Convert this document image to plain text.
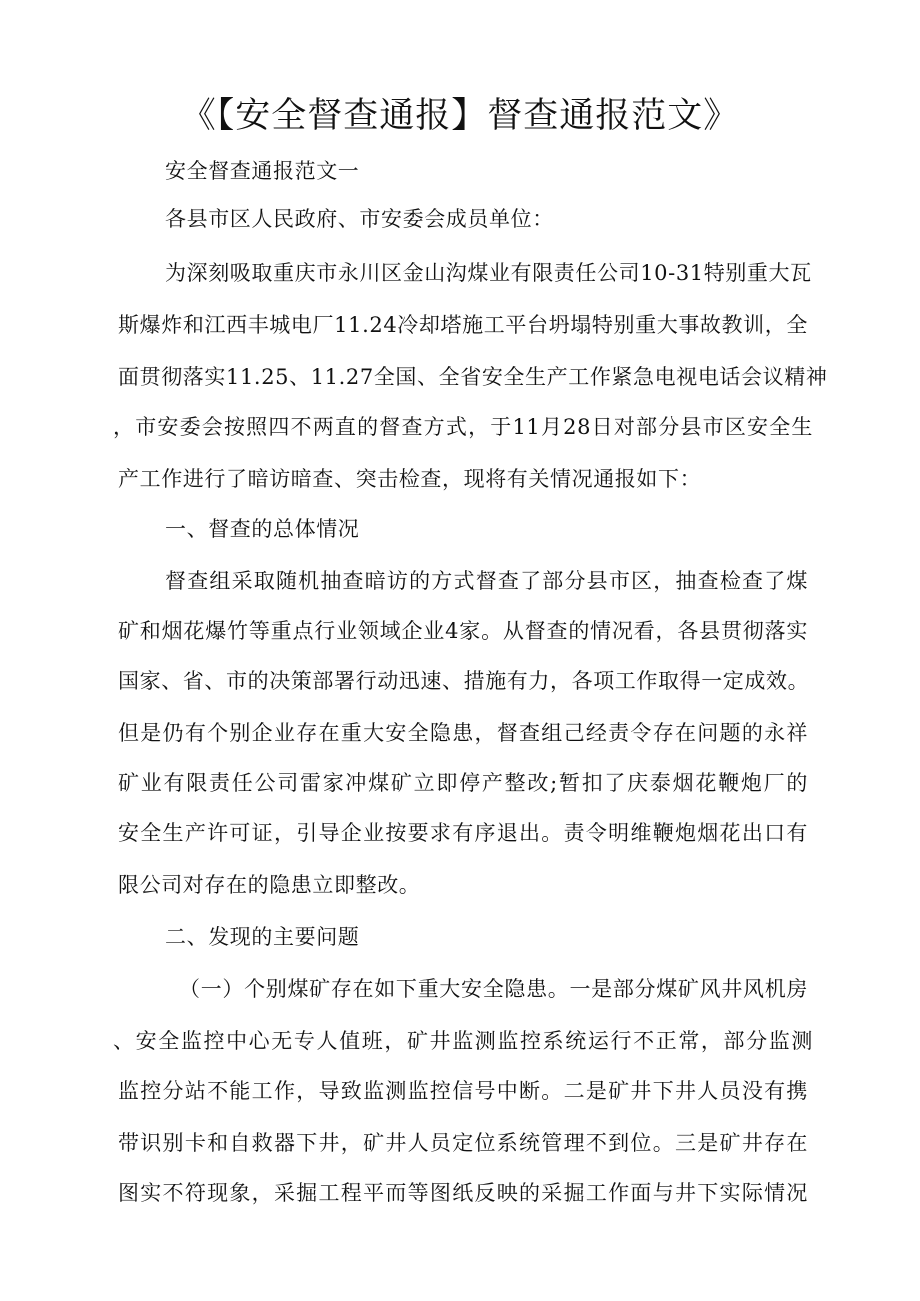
《【安全督查通报】督查通报范文》
安全督查通报范文一
各县市区人民政府、市安委会成员单位：
为深刻吸取重庆市永川区金山沟煤业有限责任公司10-31特别重大瓦
斯爆炸和江西丰城电厂11.24冷却塔施工平台坍塌特别重大事故教训，全
面贯彻落实11.25、11.27全国、全省安全生产工作紧急电视电话会议精神
，市安委会按照四不两直的督查方式，于11月28日对部分县市区安全生
产工作进行了暗访暗查、突击检查，现将有关情况通报如下：
一、督查的总体情况
督查组采取随机抽查暗访的方式督查了部分县市区，抽查检查了煤
矿和烟花爆竹等重点行业领域企业4家。从督查的情况看，各县贯彻落实
国家、省、市的决策部署行动迅速、措施有力，各项工作取得一定成效。
但是仍有个别企业存在重大安全隐患，督查组己经责令存在问题的永祥
矿业有限责任公司雷家冲煤矿立即停产整改;暂扣了庆泰烟花鞭炮厂的
安全生产许可证，引导企业按要求有序退出。责令明维鞭炮烟花出口有
限公司对存在的隐患立即整改。
二、发现的主要问题
（一）个别煤矿存在如下重大安全隐患。一是部分煤矿风井风机房
、安全监控中心无专人值班，矿井监测监控系统运行不正常，部分监测
监控分站不能工作，导致监测监控信号中断。二是矿井下井人员没有携
带识别卡和自救器下井，矿井人员定位系统管理不到位。三是矿井存在
图实不符现象，采掘工程平而等图纸反映的采掘工作面与井下实际情况
